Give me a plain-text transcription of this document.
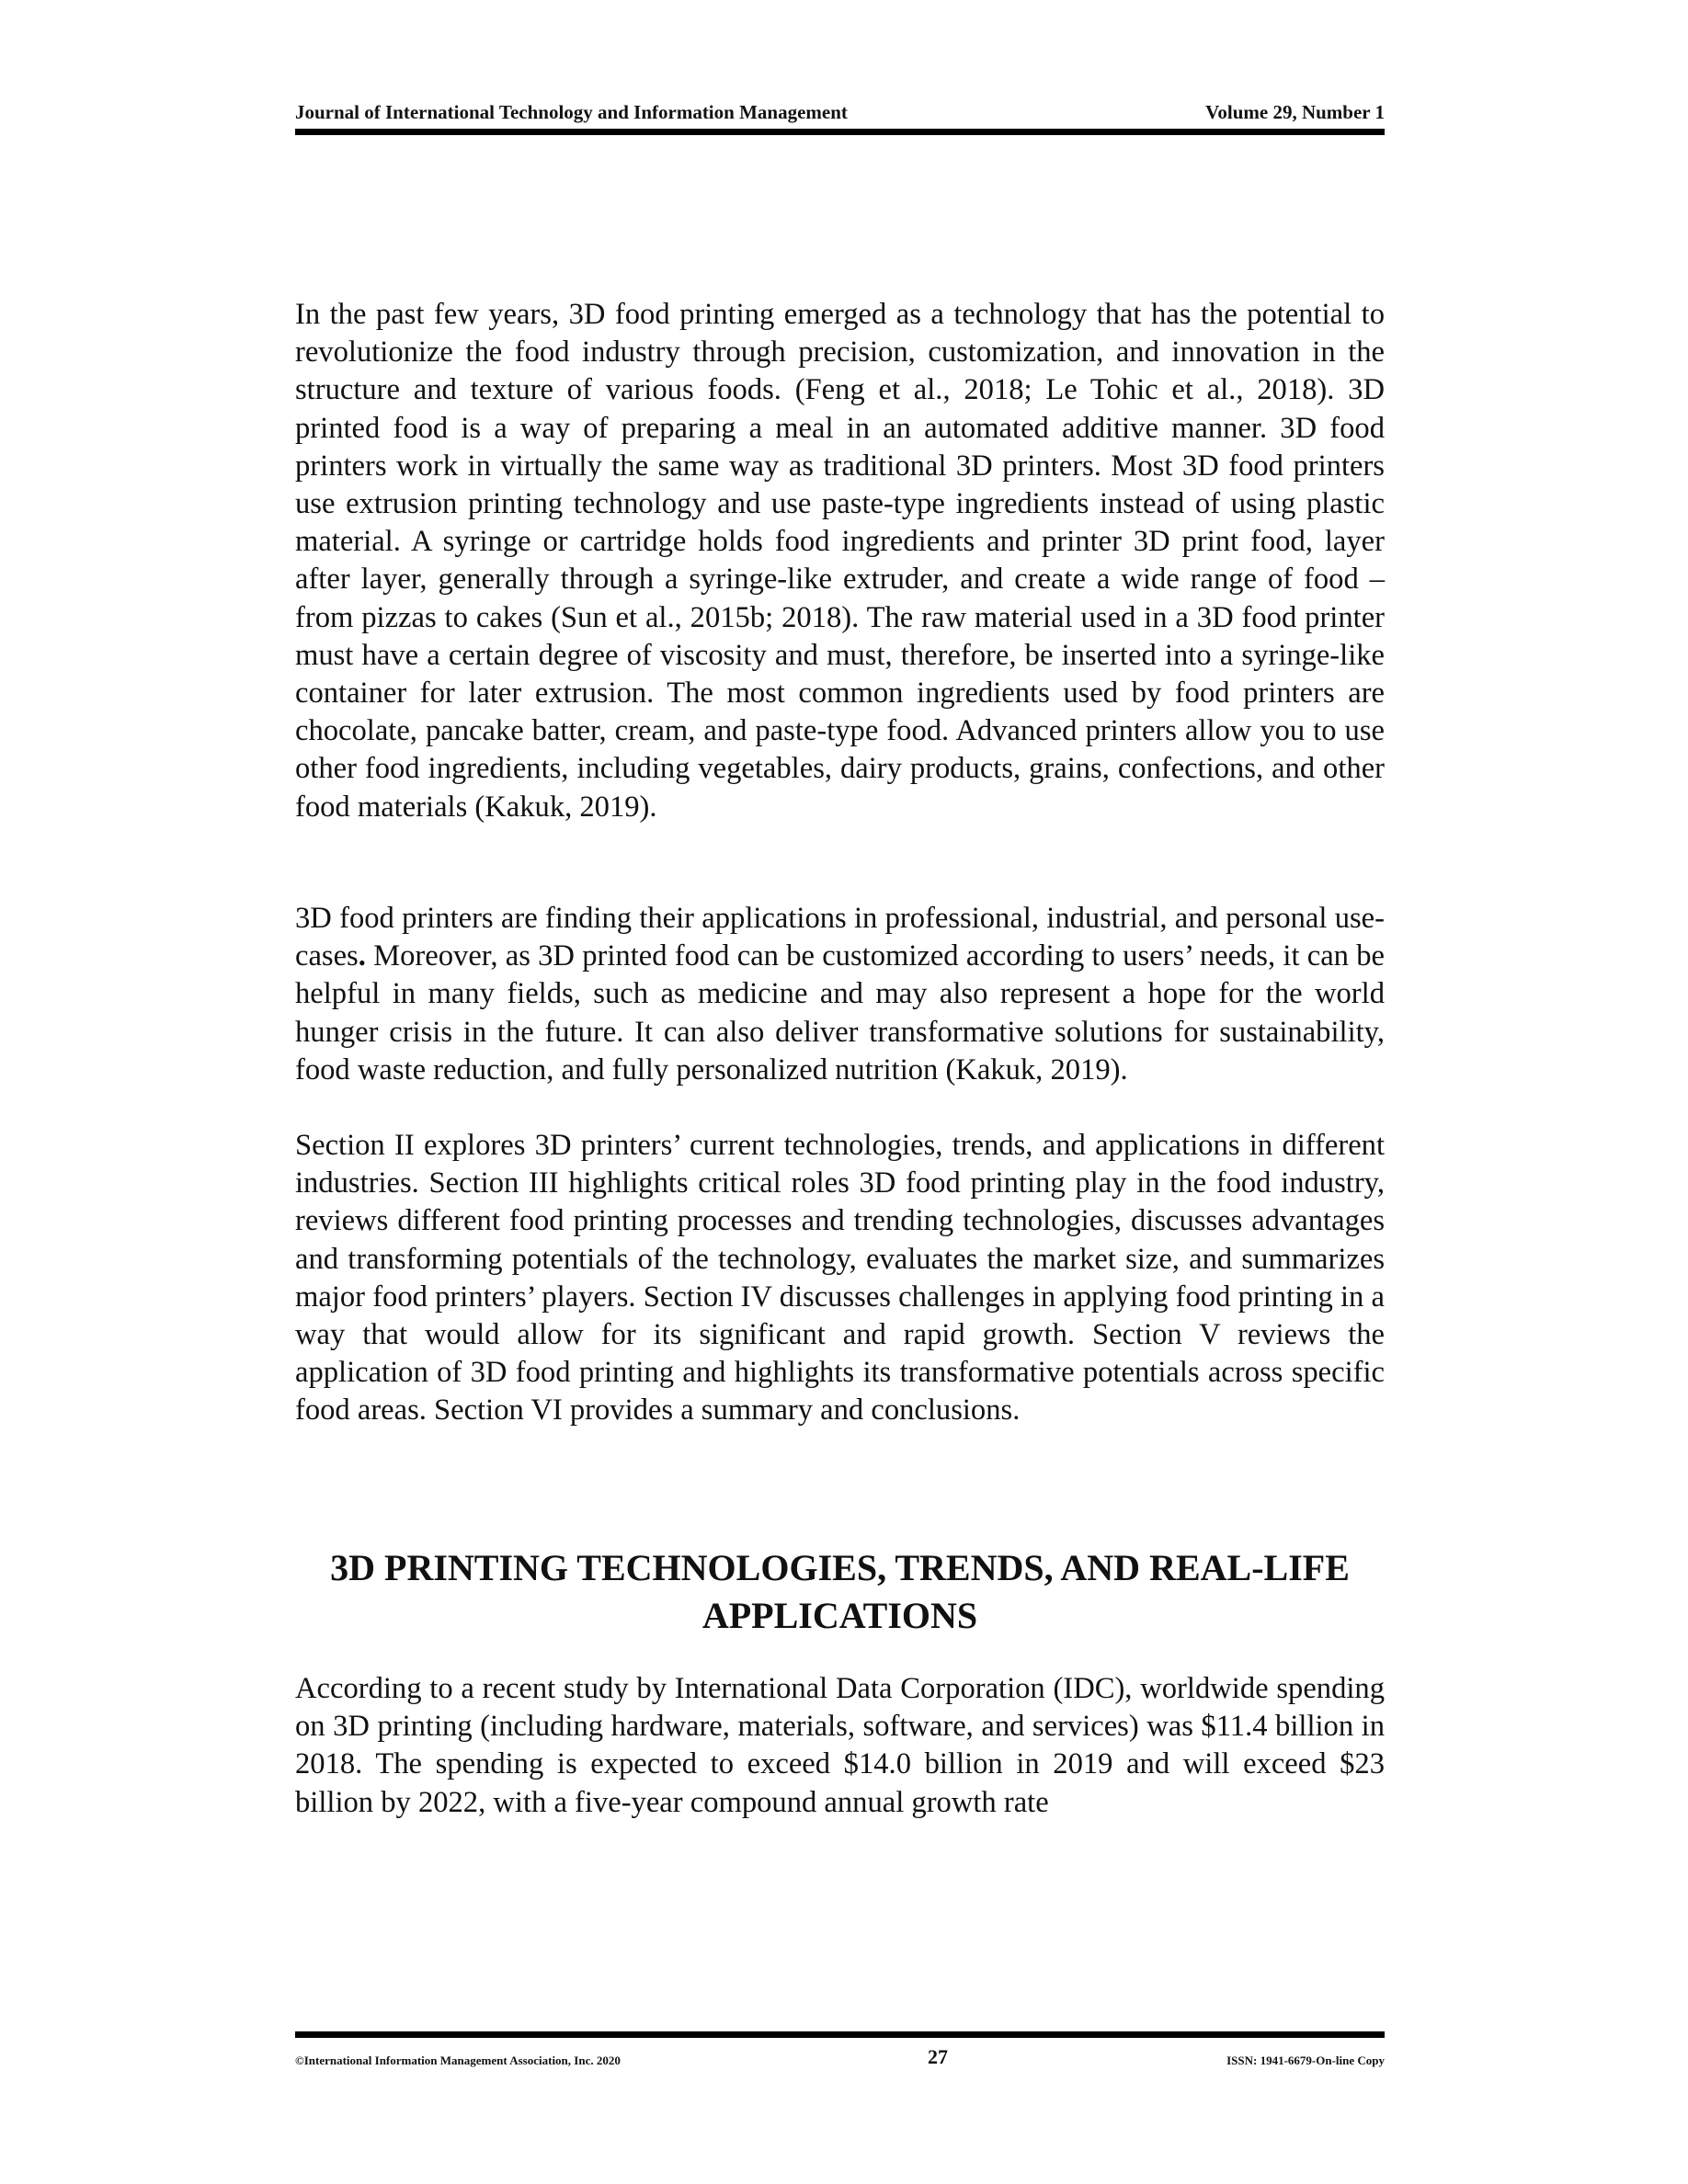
Journal of International Technology and Information Management	Volume 29, Number 1

In the past few years, 3D food printing emerged as a technology that has the potential to revolutionize the food industry through precision, customization, and innovation in the structure and texture of various foods. (Feng et al., 2018; Le Tohic et al., 2018). 3D printed food is a way of preparing a meal in an automated additive manner. 3D food printers work in virtually the same way as traditional 3D printers. Most 3D food printers use extrusion printing technology and use paste-type ingredients instead of using plastic material. A syringe or cartridge holds food ingredients and printer 3D print food, layer after layer, generally through a syringe-like extruder, and create a wide range of food – from pizzas to cakes (Sun et al., 2015b; 2018). The raw material used in a 3D food printer must have a certain degree of viscosity and must, therefore, be inserted into a syringe-like container for later extrusion. The most common ingredients used by food printers are chocolate, pancake batter, cream, and paste-type food. Advanced printers allow you to use other food ingredients, including vegetables, dairy products, grains, confections, and other food materials (Kakuk, 2019).

3D food printers are finding their applications in professional, industrial, and personal use-cases. Moreover, as 3D printed food can be customized according to users’ needs, it can be helpful in many fields, such as medicine and may also represent a hope for the world hunger crisis in the future. It can also deliver transformative solutions for sustainability, food waste reduction, and fully personalized nutrition (Kakuk, 2019).

Section II explores 3D printers’ current technologies, trends, and applications in different industries. Section III highlights critical roles 3D food printing play in the food industry, reviews different food printing processes and trending technologies, discusses advantages and transforming potentials of the technology, evaluates the market size, and summarizes major food printers’ players. Section IV discusses challenges in applying food printing in a way that would allow for its significant and rapid growth. Section V reviews the application of 3D food printing and highlights its transformative potentials across specific food areas. Section VI provides a summary and conclusions.

3D PRINTING TECHNOLOGIES, TRENDS, AND REAL-LIFE APPLICATIONS

According to a recent study by International Data Corporation (IDC), worldwide spending on 3D printing (including hardware, materials, software, and services) was $11.4 billion in 2018. The spending is expected to exceed $14.0 billion in 2019 and will exceed $23 billion by 2022, with a five-year compound annual growth rate

©International Information Management Association, Inc. 2020	27	ISSN: 1941-6679-On-line Copy
